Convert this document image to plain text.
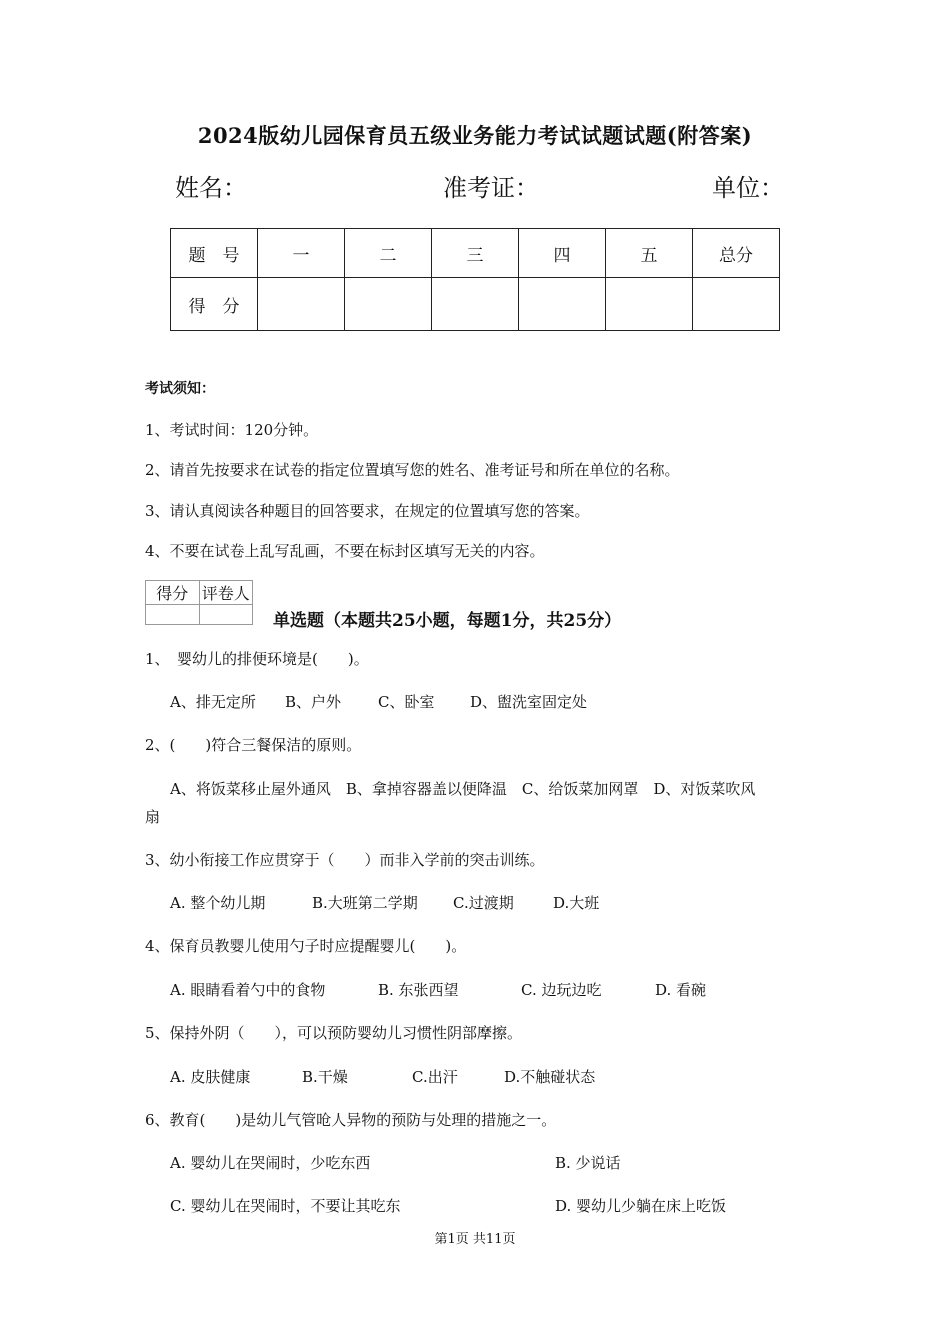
2024版幼儿园保育员五级业务能力考试试题试题(附答案)
姓名：	准考证：	单位：
题　号	一	二	三	四	五	总分
得　分						
考试须知：
1、考试时间：120分钟。
2、请首先按要求在试卷的指定位置填写您的姓名、准考证号和所在单位的名称。
3、请认真阅读各种题目的回答要求，在规定的位置填写您的答案。
4、不要在试卷上乱写乱画，不要在标封区填写无关的内容。
得分	评卷人

单选题（本题共25小题，每题1分，共25分）
1、　婴幼儿的排便环境是(　　)。
A、排无定所 B、户外 C、卧室 D、盥洗室固定处
2、(　　)符合三餐保洁的原则。
A、将饭菜移止屋外通风　B、拿掉容器盖以便降温　C、给饭菜加网罩　D、对饭菜吹风
扇
3、幼小衔接工作应贯穿于（　　）而非入学前的突击训练。
A. 整个幼儿期	B.大班第二学期 C.过渡期	D.大班
4、保育员教婴儿使用勺子时应提醒婴儿(　　)。
A. 眼睛看着勺中的食物	B. 东张西望	C. 边玩边吃	D. 看碗
5、保持外阴（　　），可以预防婴幼儿习惯性阴部摩擦。
A. 皮肤健康	B.干燥	C.出汗	D.不触碰状态
6、教育(　　)是幼儿气管呛人异物的预防与处理的措施之一。
A. 婴幼儿在哭闹时，少吃东西	B. 少说话
C. 婴幼儿在哭闹时，不要让其吃东	D. 婴幼儿少躺在床上吃饭
第1页 共11页
